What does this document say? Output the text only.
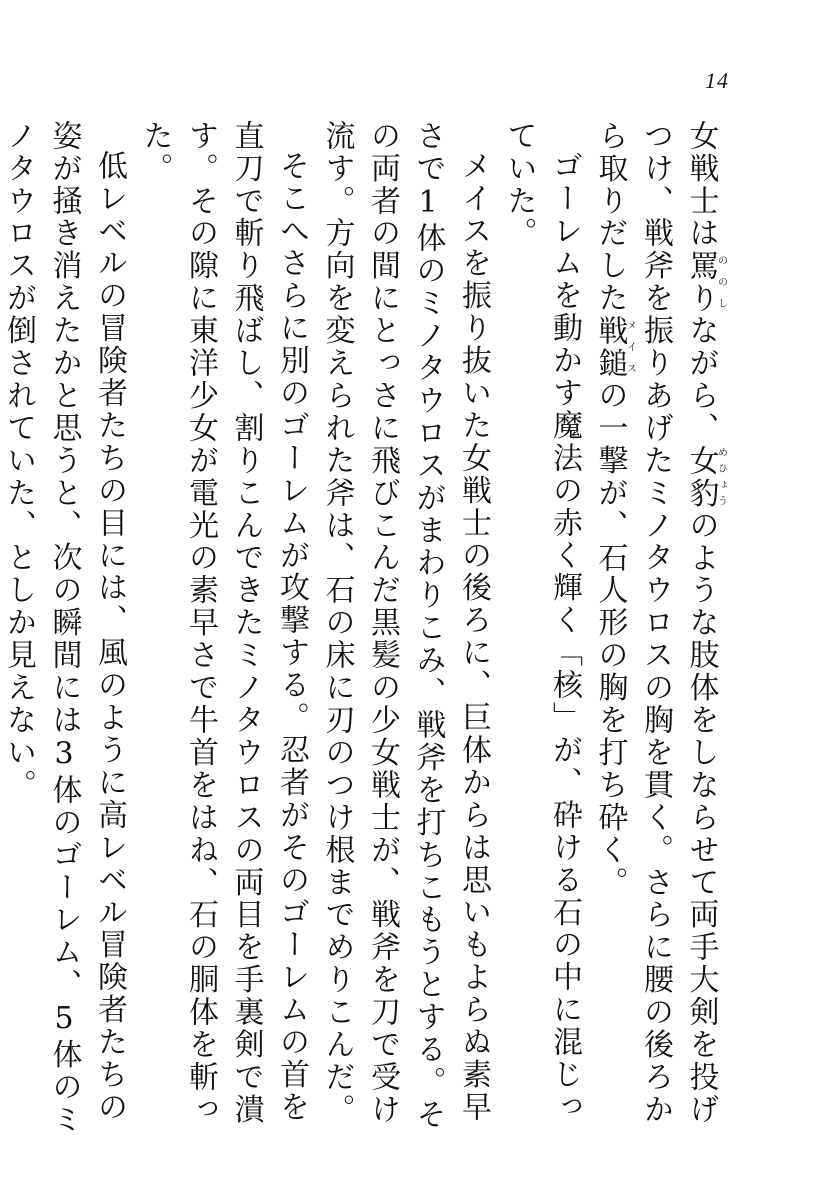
14

女戦士は罵りののしながら、女豹めひょうのような肢体をしならせて両手大剣を投げつけ、戦斧を振りあげたミノタウロスの胸を貫く。さらに腰の後ろから取りだした戦鎚メイスの一撃が、石人形の胸を打ち砕く。

ゴーレムを動かす魔法の赤く輝く「核」が、砕ける石の中に混じっていた。

メイスを振り抜いた女戦士の後ろに、巨体からは思いもよらぬ素早さで1体のミノタウロスがまわりこみ、戦斧を打ちこもうとする。その両者の間にとっさに飛びこんだ黒髪の少女戦士が、戦斧を刀で受け流す。方向を変えられた斧は、石の床に刃のつけ根までめりこんだ。

そこへさらに別のゴーレムが攻撃する。忍者がそのゴーレムの首を直刀で斬り飛ばし、割りこんできたミノタウロスの両目を手裏剣で潰す。その隙に東洋少女が電光の素早さで牛首をはね、石の胴体を斬った。

低レベルの冒険者たちの目には、風のように高レベル冒険者たちの姿が掻き消えたかと思うと、次の瞬間には3体のゴーレム、5体のミノタウロスが倒されていた、としか見えない。
